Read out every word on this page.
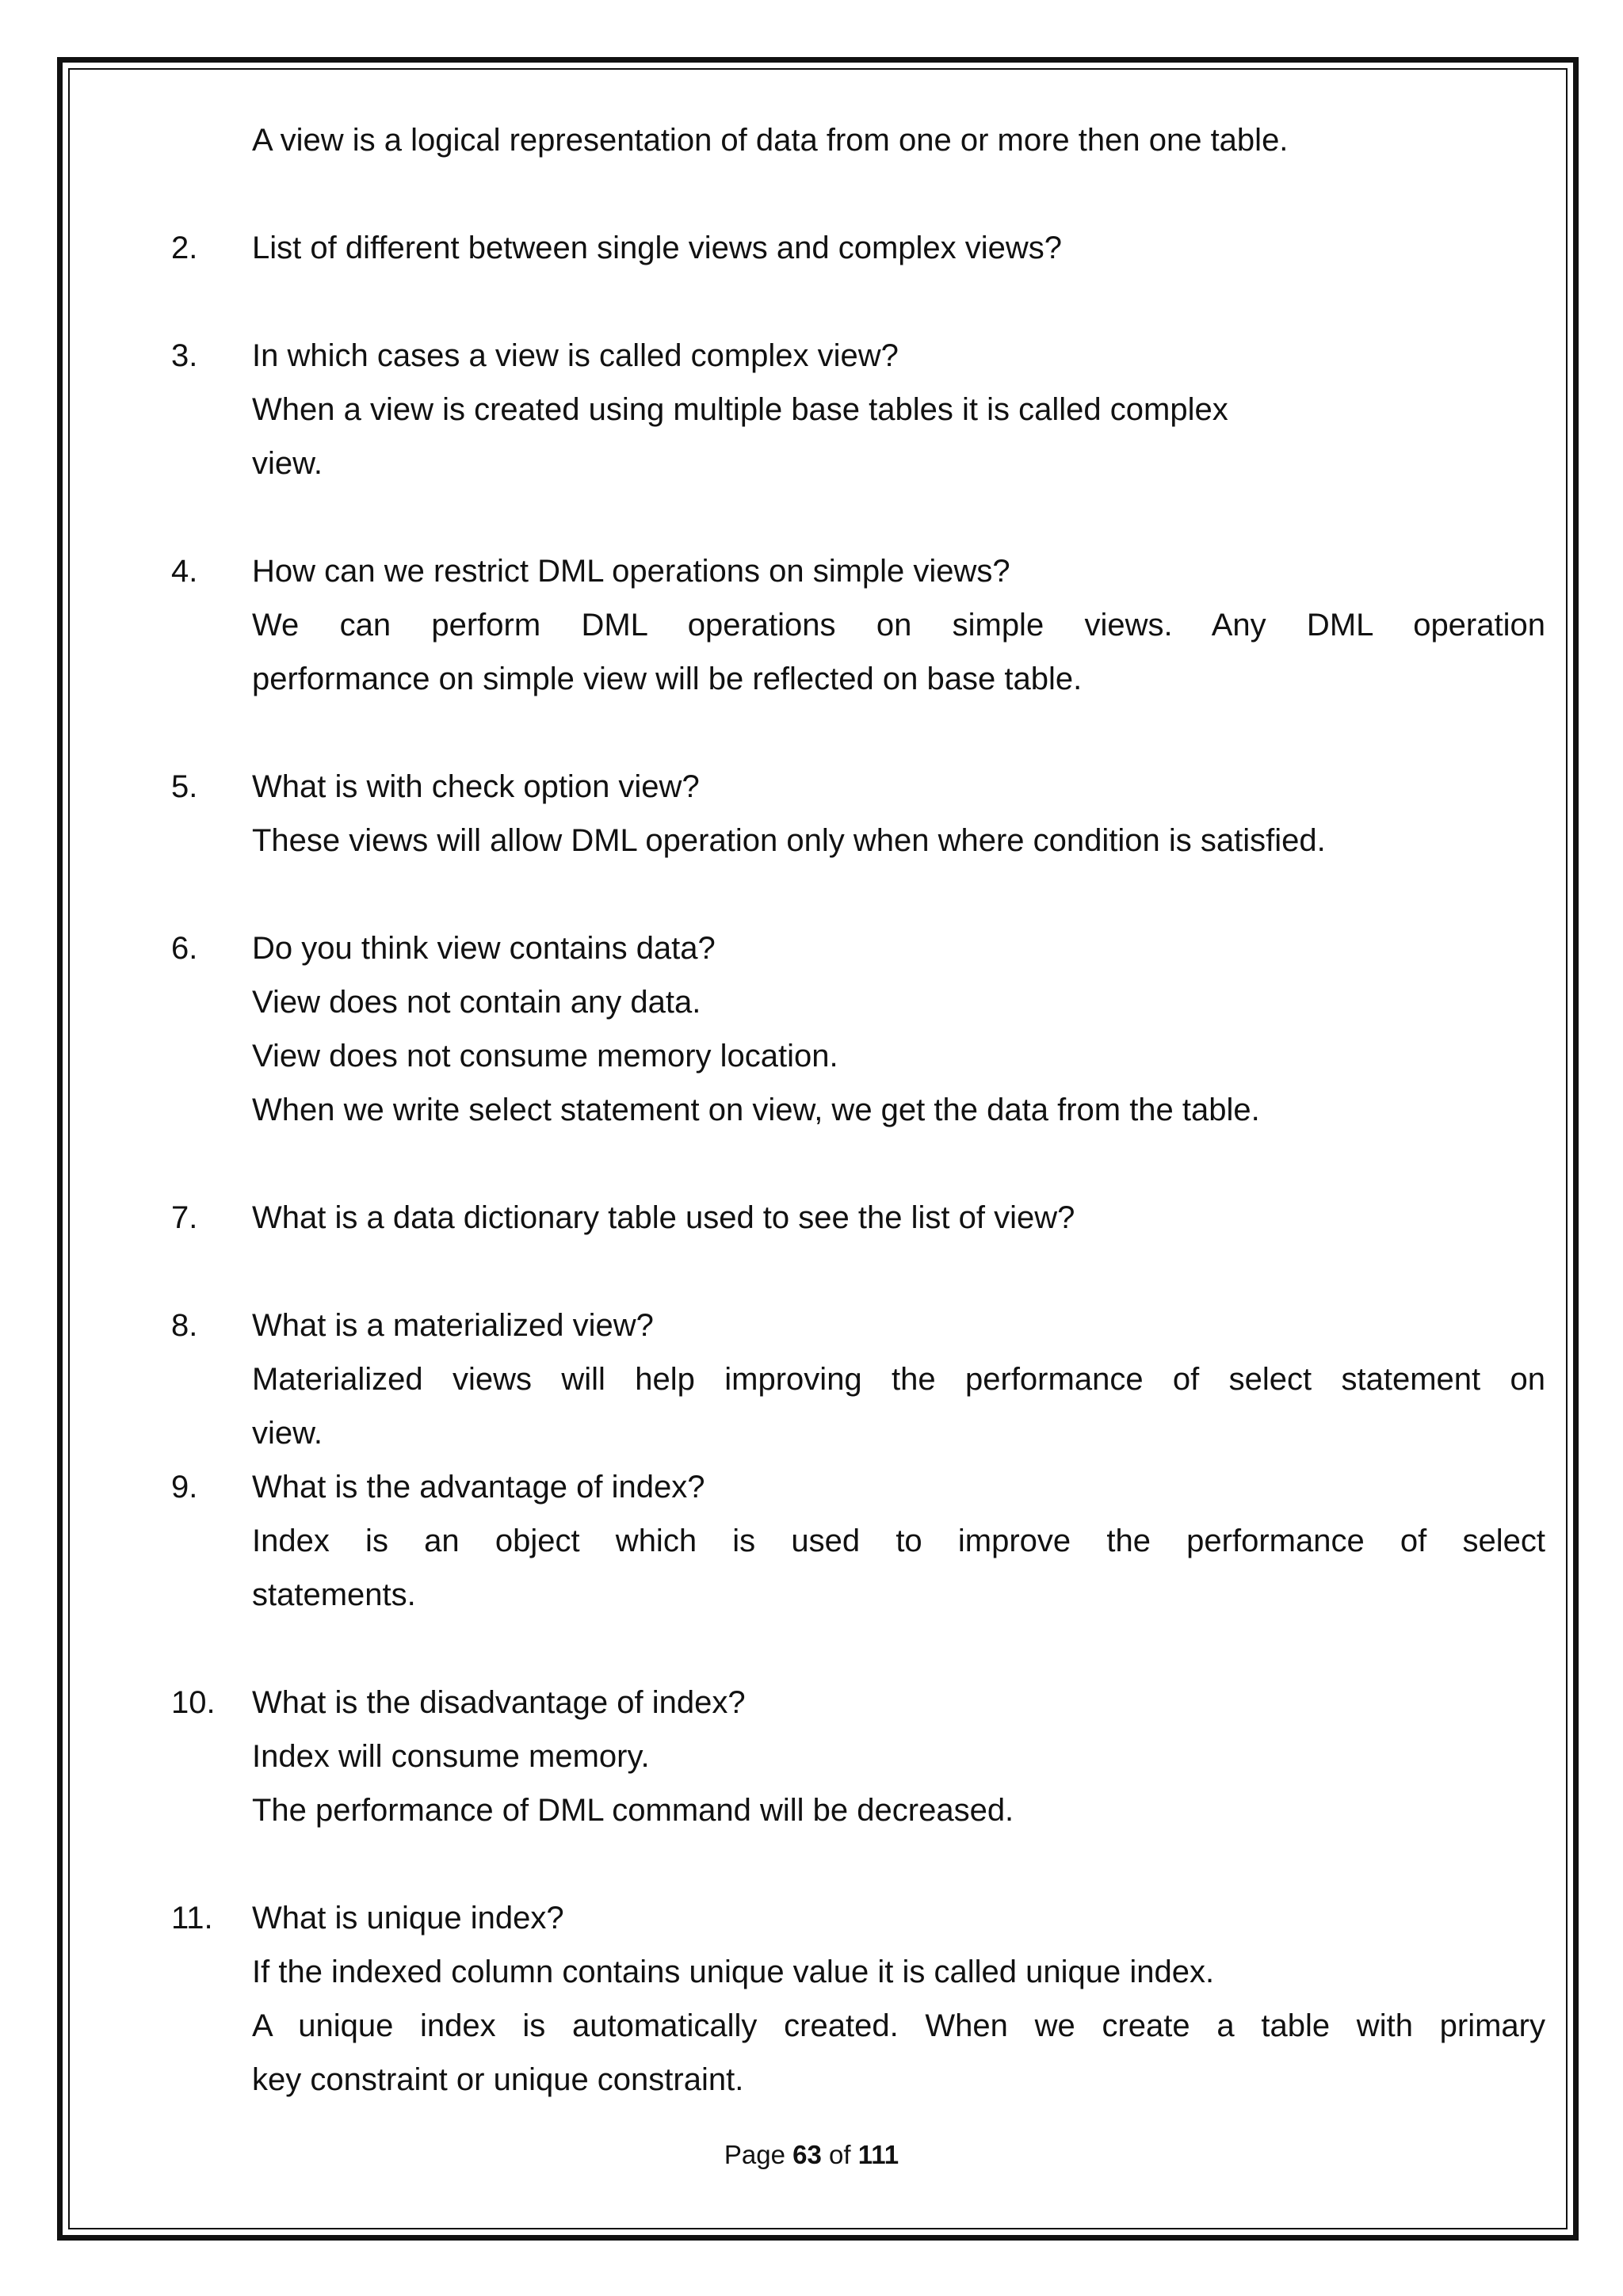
A view is a logical representation of data from one or more then one table.
2. List of different between single views and complex views?
3. In which cases a view is called complex view?
When a view is created using multiple base tables it is called complex
view.
4. How can we restrict DML operations on simple views?
We can perform DML operations on simple views. Any DML operation
performance on simple view will be reflected on base table.
5. What is with check option view?
These views will allow DML operation only when where condition is satisfied.
6. Do you think view contains data?
View does not contain any data.
View does not consume memory location.
When we write select statement on view, we get the data from the table.
7. What is a data dictionary table used to see the list of view?
8. What is a materialized view?
Materialized views will help improving the performance of select statement on
view.
9. What is the advantage of index?
Index is an object which is used to improve the performance of select
statements.
10. What is the disadvantage of index?
Index will consume memory.
The performance of DML command will be decreased.
11. What is unique index?
If the indexed column contains unique value it is called unique index.
A unique index is automatically created. When we create a table with primary
key constraint or unique constraint.
Page 63 of 111
